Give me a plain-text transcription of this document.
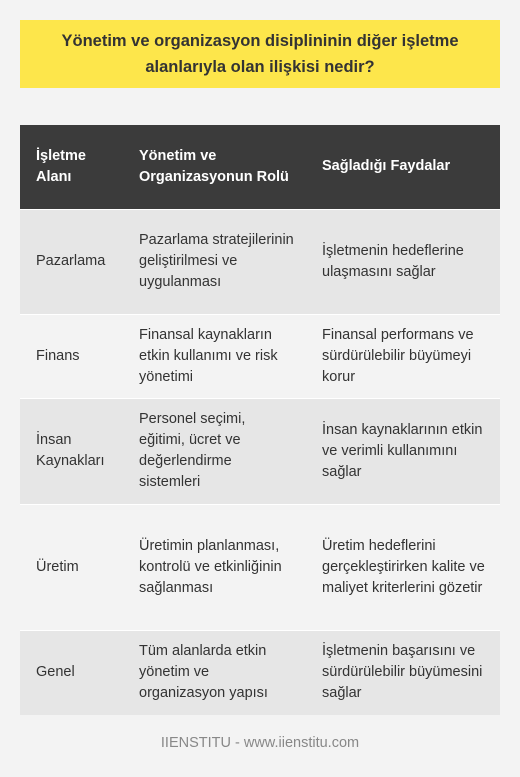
Yönetim ve organizasyon disiplininin diğer işletme alanlarıyla olan ilişkisi nedir?
İşletme Alanı	Yönetim ve Organizasyonun Rolü	Sağladığı Faydalar
Pazarlama	Pazarlama stratejilerinin geliştirilmesi ve uygulanması	İşletmenin hedeflerine ulaşmasını sağlar
Finans	Finansal kaynakların etkin kullanımı ve risk yönetimi	Finansal performans ve sürdürülebilir büyümeyi korur
İnsan Kaynakları	Personel seçimi, eğitimi, ücret ve değerlendirme sistemleri	İnsan kaynaklarının etkin ve verimli kullanımını sağlar
Üretim	Üretimin planlanması, kontrolü ve etkinliğinin sağlanması	Üretim hedeflerini gerçekleştirirken kalite ve maliyet kriterlerini gözetir
Genel	Tüm alanlarda etkin yönetim ve organizasyon yapısı	İşletmenin başarısını ve sürdürülebilir büyümesini sağlar
IIENSTITU - www.iienstitu.com
